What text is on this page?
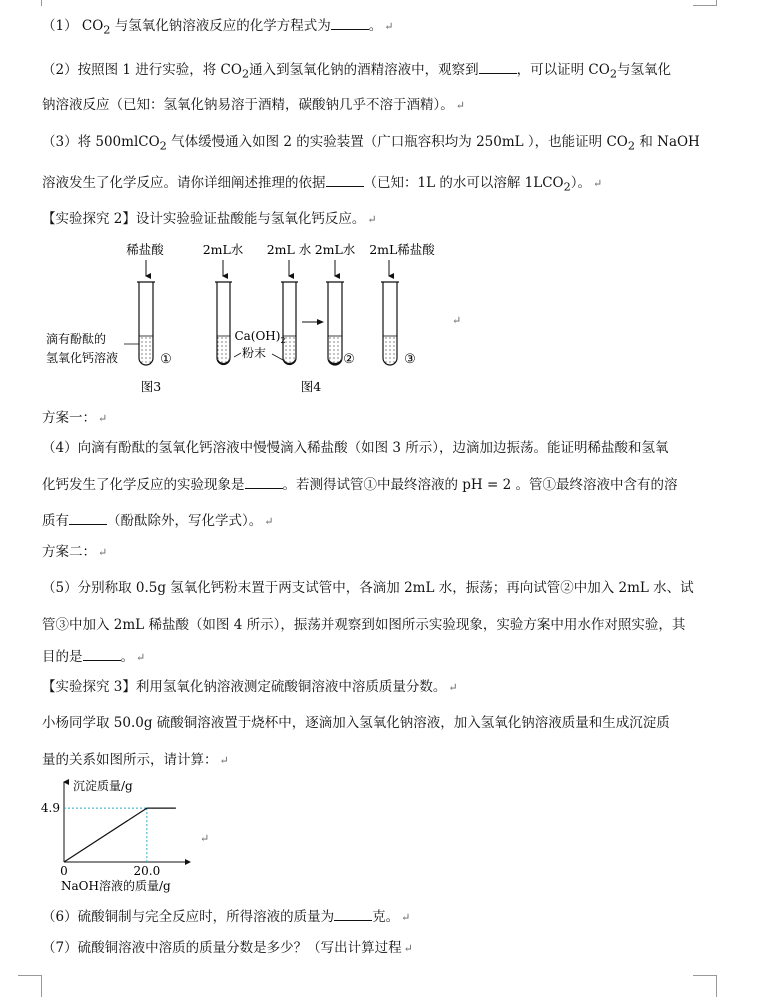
（1） $CO_2$ 与氢氧化钠溶液反应的化学方程式为	。 ↵
（2）按照图 1 进行实验，将 $CO_2$通入到氢氧化钠的酒精溶液中，观察到	，可以证明 $CO_2$与氢氧化
钠溶液反应（已知：氢氧化钠易溶于酒精，碳酸钠几乎不溶于酒精）。 ↵
（3）将 500mlCO$_2$ 气体缓慢通入如图 2 的实验装置（广口瓶容积均为 250mL ），也能证明 $CO_2$ 和 NaOH
溶液发生了化学反应。请你详细阐述推理的依据	（已知：1L 的水可以溶解 $1LCO_2$）。 ↵
【实验探究 2】设计实验验证盐酸能与氢氧化钙反应。 ↵
稀盐酸	2mL水 2mL 水 2mL水 2mL稀盐酸
滴有酚酞的
氢氧化钙溶液	①
$Ca(OH)_2$
粉末	②	③
图3	图4
↵
方案一： ↵
（4）向滴有酚酞的氢氧化钙溶液中慢慢滴入稀盐酸（如图 3 所示），边滴加边振荡。能证明稀盐酸和氢氧
化钙发生了化学反应的实验现象是	。若测得试管①中最终溶液的 pH = 2 。管①最终溶液中含有的溶
质有	（酚酞除外，写化学式）。 ↵
方案二： ↵
（5）分别称取 0.5g 氢氧化钙粉末置于两支试管中，各滴加 2mL 水，振荡；再向试管②中加入 2mL 水、试
管③中加入 2mL 稀盐酸（如图 4 所示），振荡并观察到如图所示实验现象，实验方案中用水作对照实验，其
目的是	。 ↵
【实验探究 3】利用氢氧化钠溶液测定硫酸铜溶液中溶质质量分数。 ↵
小杨同学取 50.0g 硫酸铜溶液置于烧杯中，逐滴加入氢氧化钠溶液，加入氢氧化钠溶液质量和生成沉淀质
量的关系如图所示，请计算： ↵
沉淀质量/g
NaOH溶液的质量/g
0	20.0
4.9
↵
（6）硫酸铜制与完全反应时，所得溶液的质量为	克。 ↵
（7）硫酸铜溶液中溶质的质量分数是多少？（写出计算过程 ↵
